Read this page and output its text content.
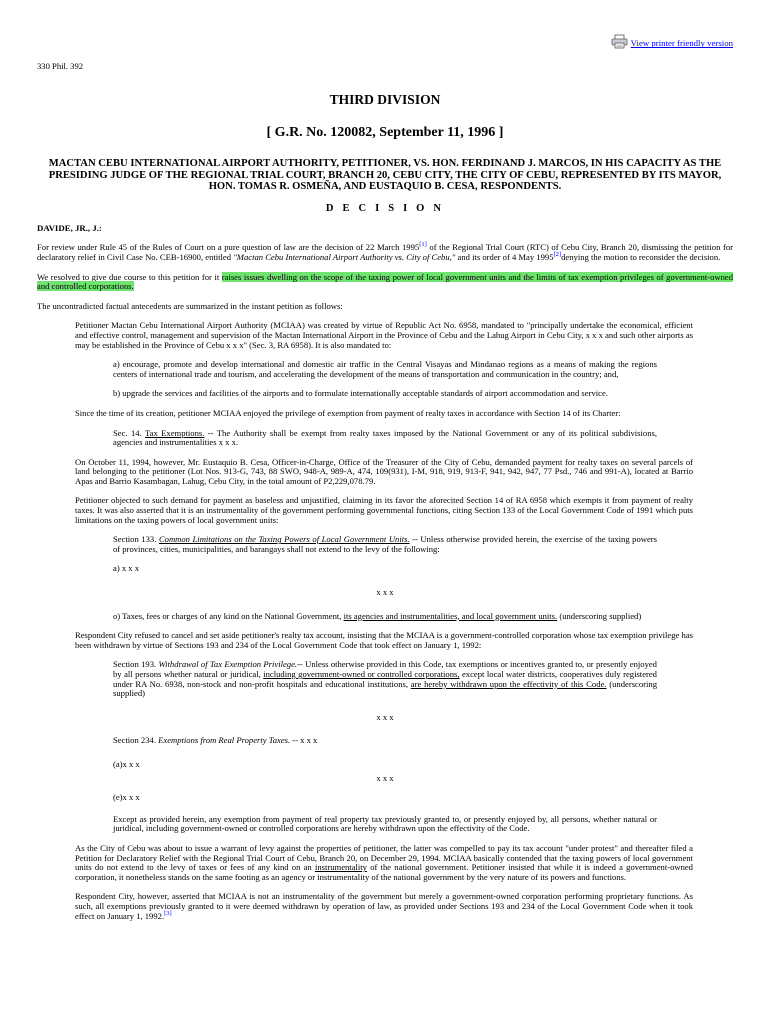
View printer friendly version
330 Phil. 392

THIRD DIVISION

[ G.R. No. 120082, September 11, 1996 ]

MACTAN CEBU INTERNATIONAL AIRPORT AUTHORITY, PETITIONER, VS. HON. FERDINAND J. MARCOS, IN HIS CAPACITY AS THE PRESIDING JUDGE OF THE REGIONAL TRIAL COURT, BRANCH 20, CEBU CITY, THE CITY OF CEBU, REPRESENTED BY ITS MAYOR, HON. TOMAS R. OSMEÑA, AND EUSTAQUIO B. CESA, RESPONDENTS.

D E C I S I O N

DAVIDE, JR., J.:

For review under Rule 45 of the Rules of Court on a pure question of law are the decision of 22 March 1995[1] of the Regional Trial Court (RTC) of Cebu City, Branch 20, dismissing the petition for declaratory relief in Civil Case No. CEB-16900, entitled "Mactan Cebu International Airport Authority vs. City of Cebu," and its order of 4 May 1995[2]denying the motion to reconsider the decision.

We resolved to give due course to this petition for it raises issues dwelling on the scope of the taxing power of local government units and the limits of tax exemption privileges of government-owned and controlled corporations.

The uncontradicted factual antecedents are summarized in the instant petition as follows:

Petitioner Mactan Cebu International Airport Authority (MCIAA) was created by virtue of Republic Act No. 6958, mandated to "principally undertake the economical, efficient and effective control, management and supervision of the Mactan International Airport in the Province of Cebu and the Lahug Airport in Cebu City, x x x and such other airports as may be established in the Province of Cebu x x x" (Sec. 3, RA 6958). It is also mandated to:

a) encourage, promote and develop international and domestic air traffic in the Central Visayas and Mindanao regions as a means of making the regions centers of international trade and tourism, and accelerating the development of the means of transportation and communication in the country; and,

b) upgrade the services and facilities of the airports and to formulate internationally acceptable standards of airport accommodation and service.

Since the time of its creation, petitioner MCIAA enjoyed the privilege of exemption from payment of realty taxes in accordance with Section 14 of its Charter:

Sec. 14. Tax Exemptions. -- The Authority shall be exempt from realty taxes imposed by the National Government or any of its political subdivisions, agencies and instrumentalities x x x.

On October 11, 1994, however, Mr. Eustaquio B. Cesa, Officer-in-Charge, Office of the Treasurer of the City of Cebu, demanded payment for realty taxes on several parcels of land belonging to the petitioner (Lot Nos. 913-G, 743, 88 SWO, 948-A, 989-A, 474, 109(931), I-M, 918, 919, 913-F, 941, 942, 947, 77 Psd., 746 and 991-A), located at Barrio Apas and Barrio Kasambagan, Lahug, Cebu City, in the total amount of P2,229,078.79.

Petitioner objected to such demand for payment as baseless and unjustified, claiming in its favor the aforecited Section 14 of RA 6958 which exempts it from payment of realty taxes. It was also asserted that it is an instrumentality of the government performing governmental functions, citing Section 133 of the Local Government Code of 1991 which puts limitations on the taxing powers of local government units:

Section 133. Common Limitations on the Taxing Powers of Local Government Units. -- Unless otherwise provided herein, the exercise of the taxing powers of provinces, cities, municipalities, and barangays shall not extend to the levy of the following:

a) x x x

x x x

o) Taxes, fees or charges of any kind on the National Government, its agencies and instrumentalities, and local government units. (underscoring supplied)

Respondent City refused to cancel and set aside petitioner's realty tax account, insisting that the MCIAA is a government-controlled corporation whose tax exemption privilege has been withdrawn by virtue of Sections 193 and 234 of the Local Government Code that took effect on January 1, 1992:

Section 193. Withdrawal of Tax Exemption Privilege.-- Unless otherwise provided in this Code, tax exemptions or incentives granted to, or presently enjoyed by all persons whether natural or juridical, including government-owned or controlled corporations, except local water districts, cooperatives duly registered under RA No. 6938, non-stock and non-profit hospitals and educational institutions, are hereby withdrawn upon the effectivity of this Code. (underscoring supplied)

x x x

Section 234. Exemptions from Real Property Taxes. -- x x x

(a)x x x

x x x

(e)x x x

Except as provided herein, any exemption from payment of real property tax previously granted to, or presently enjoyed by, all persons, whether natural or juridical, including government-owned or controlled corporations are hereby withdrawn upon the effectivity of the Code.

As the City of Cebu was about to issue a warrant of levy against the properties of petitioner, the latter was compelled to pay its tax account "under protest" and thereafter filed a Petition for Declaratory Relief with the Regional Trial Court of Cebu, Branch 20, on December 29, 1994. MCIAA basically contended that the taxing powers of local government units do not extend to the levy of taxes or fees of any kind on an instrumentality of the national government. Petitioner insisted that while it is indeed a government-owned corporation, it nonetheless stands on the same footing as an agency or instrumentality of the national government by the very nature of its powers and functions.

Respondent City, however, asserted that MCIAA is not an instrumentality of the government but merely a government-owned corporation performing proprietary functions. As such, all exemptions previously granted to it were deemed withdrawn by operation of law, as provided under Sections 193 and 234 of the Local Government Code when it took effect on January 1, 1992.[3]
